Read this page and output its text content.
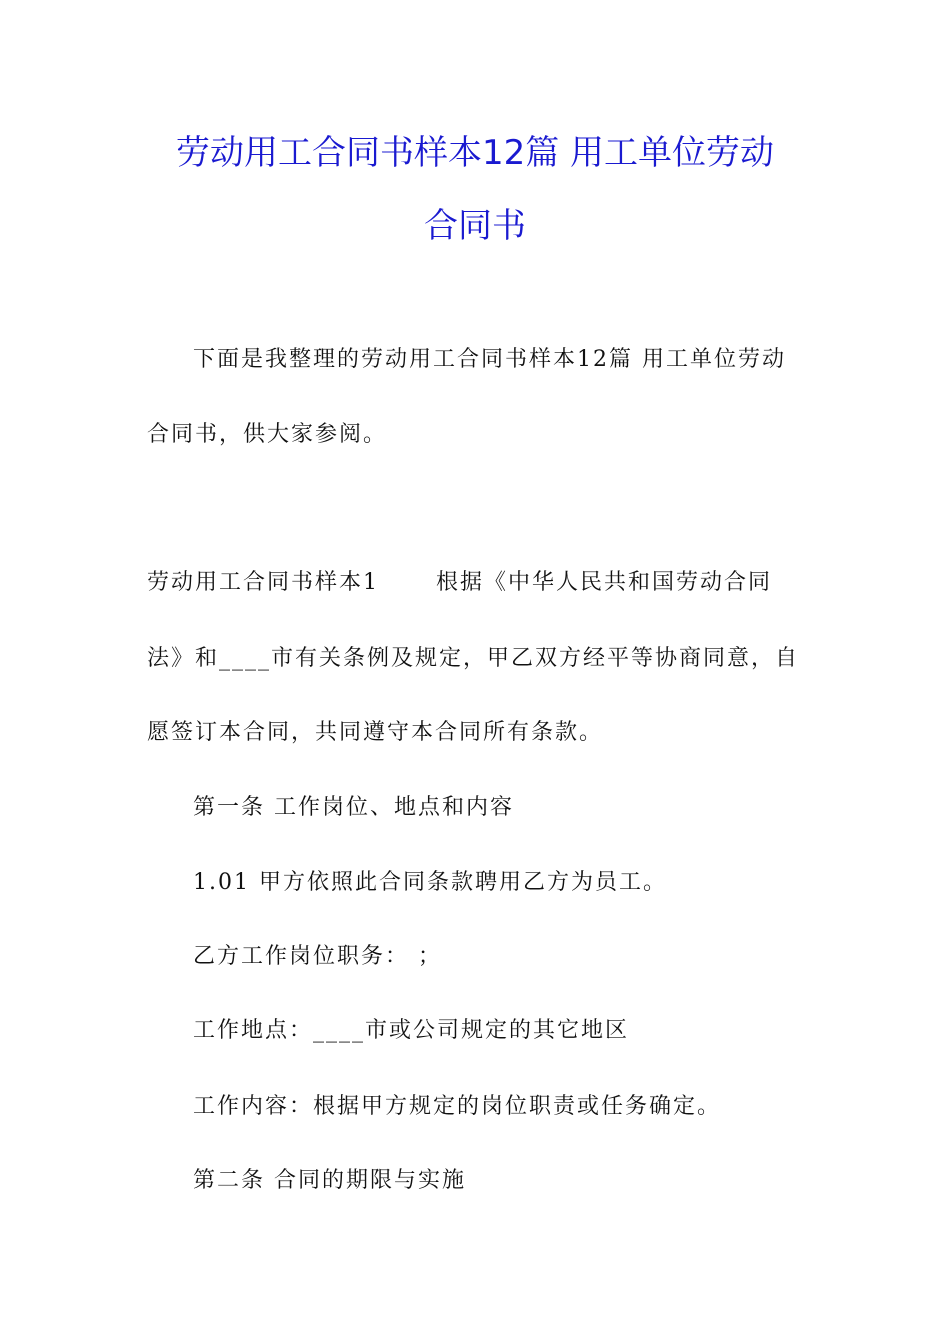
劳动用工合同书样本12篇 用工单位劳动
合同书
下面是我整理的劳动用工合同书样本12篇 用工单位劳动
合同书，供大家参阅。
劳动用工合同书样本1　　 根据《中华人民共和国劳动合同
法》和____市有关条例及规定，甲乙双方经平等协商同意，自
愿签订本合同，共同遵守本合同所有条款。
第一条 工作岗位、地点和内容
1.01 甲方依照此合同条款聘用乙方为员工。
乙方工作岗位职务： ；
工作地点：____市或公司规定的其它地区
工作内容：根据甲方规定的岗位职责或任务确定。
第二条 合同的期限与实施
